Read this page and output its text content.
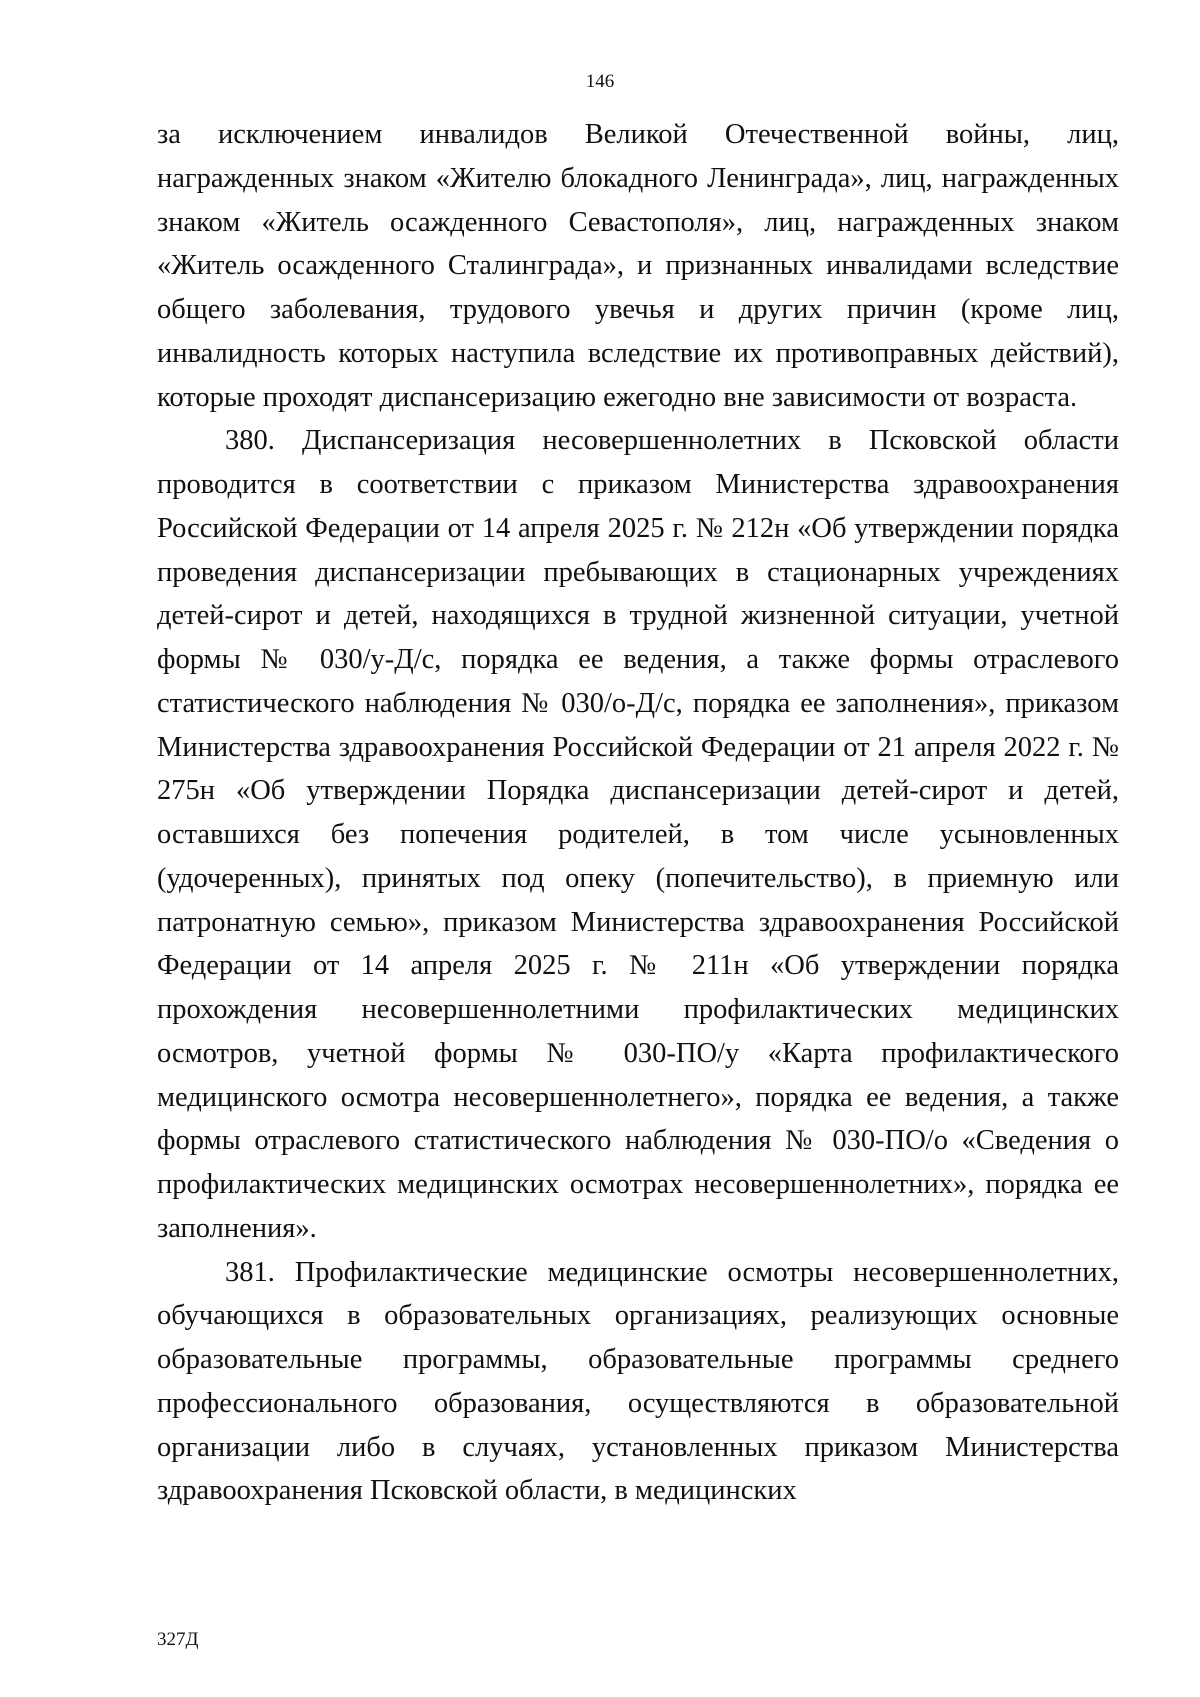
146

за исключением инвалидов Великой Отечественной войны, лиц, награжденных знаком «Жителю блокадного Ленинграда», лиц, награжденных знаком «Житель осажденного Севастополя», лиц, награжденных знаком «Житель осажденного Сталинграда», и признанных инвалидами вследствие общего заболевания, трудового увечья и других причин (кроме лиц, инвалидность которых наступила вследствие их противоправных действий), которые проходят диспансеризацию ежегодно вне зависимости от возраста.

380. Диспансеризация несовершеннолетних в Псковской области проводится в соответствии с приказом Министерства здравоохранения Российской Федерации от 14 апреля 2025 г. № 212н «Об утверждении порядка проведения диспансеризации пребывающих в стационарных учреждениях детей-сирот и детей, находящихся в трудной жизненной ситуации, учетной формы № 030/у-Д/с, порядка ее ведения, а также формы отраслевого статистического наблюдения № 030/о-Д/с, порядка ее заполнения», приказом Министерства здравоохранения Российской Федерации от 21 апреля 2022 г. № 275н «Об утверждении Порядка диспансеризации детей-сирот и детей, оставшихся без попечения родителей, в том числе усыновленных (удочеренных), принятых под опеку (попечительство), в приемную или патронатную семью», приказом Министерства здравоохранения Российской Федерации от 14 апреля 2025 г. № 211н «Об утверждении порядка прохождения несовершеннолетними профилактических медицинских осмотров, учетной формы № 030-ПО/у «Карта профилактического медицинского осмотра несовершеннолетнего», порядка ее ведения, а также формы отраслевого статистического наблюдения № 030-ПО/о «Сведения о профилактических медицинских осмотрах несовершеннолетних», порядка ее заполнения».

381. Профилактические медицинские осмотры несовершеннолетних, обучающихся в образовательных организациях, реализующих основные образовательные программы, образовательные программы среднего профессионального образования, осуществляются в образовательной организации либо в случаях, установленных приказом Министерства здравоохранения Псковской области, в медицинских

327Д
